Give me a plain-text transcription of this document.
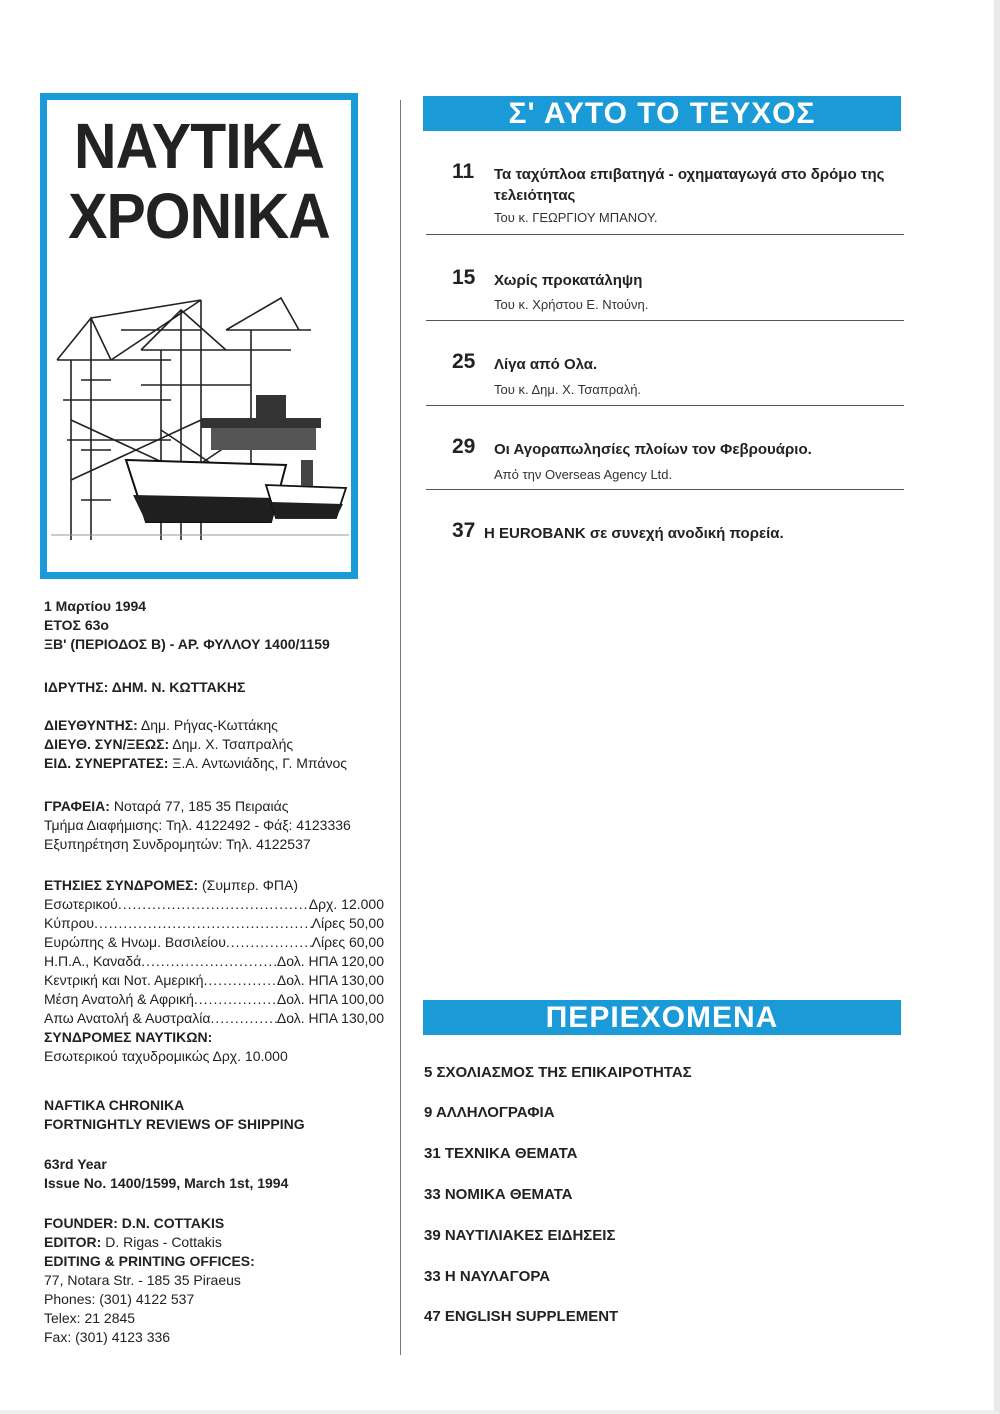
ΝΑΥΤΙΚΑ
ΧΡΟΝΙΚΑ
1 Μαρτίου 1994
ΕΤΟΣ 63ο
ΞΒ' (ΠΕΡΙΟΔΟΣ Β) - ΑΡ. ΦΥΛΛΟΥ 1400/1159
ΙΔΡΥΤΗΣ: ΔΗΜ. Ν. ΚΩΤΤΑΚΗΣ
ΔΙΕΥΘΥΝΤΗΣ: Δημ. Ρήγας-Κωττάκης
ΔΙΕΥΘ. ΣΥΝ/ΞΕΩΣ: Δημ. Χ. Τσαπραλής
ΕΙΔ. ΣΥΝΕΡΓΑΤΕΣ: Ξ.Α. Αντωνιάδης, Γ. Μπάνος
ΓΡΑΦΕΙΑ: Νοταρά 77, 185 35 Πειραιάς
Τμήμα Διαφήμισης: Τηλ. 4122492 - Φάξ: 4123336
Εξυπηρέτηση Συνδρομητών: Τηλ. 4122537
ΕΤΗΣΙΕΣ ΣΥΝΔΡΟΜΕΣ: (Συμπερ. ΦΠΑ)
Εσωτερικού .....	Δρχ. 12.000
Κύπρου .....	Λίρες 50,00
Ευρώπης & Ηνωμ. Βασιλείου .....	Λίρες 60,00
Η.Π.Α., Καναδά .....	Δολ. ΗΠΑ 120,00
Κεντρική και Νοτ. Αμερική .....	Δολ. ΗΠΑ 130,00
Μέση Ανατολή & Αφρική .....	Δολ. ΗΠΑ 100,00
Απω Ανατολή & Αυστραλία .....	Δολ. ΗΠΑ 130,00
ΣΥΝΔΡΟΜΕΣ ΝΑΥΤΙΚΩΝ:
Εσωτερικού ταχυδρομικώς Δρχ. 10.000
NAFTIKA CHRONIKA
FORTNIGHTLY REVIEWS OF SHIPPING
63rd Year
Issue No. 1400/1599, March 1st, 1994
FOUNDER: D.N. COTTAKIS
EDITOR: D. Rigas - Cottakis
EDITING & PRINTING OFFICES:
77, Notara Str. - 185 35 Piraeus
Phones: (301) 4122 537
Telex: 21 2845
Fax: (301) 4123 336
Σ' ΑΥΤΟ ΤΟ ΤΕΥΧΟΣ
11 Τα ταχύπλοα επιβατηγά - οχηματαγωγά στο δρόμο της τελειότητας
Του κ. ΓΕΩΡΓΙΟΥ ΜΠΑΝΟΥ.
15 Χωρίς προκατάληψη
Του κ. Χρήστου Ε. Ντούνη.
25 Λίγα από Ολα.
Του κ. Δημ. Χ. Τσαπραλή.
29 Οι Αγοραπωλησίες πλοίων τον Φεβρουάριο.
Από την Overseas Agency Ltd.
37 Η EUROBANK σε συνεχή ανοδική πορεία.
ΠΕΡΙΕΧΟΜΕΝΑ
5 ΣΧΟΛΙΑΣΜΟΣ ΤΗΣ ΕΠΙΚΑΙΡΟΤΗΤΑΣ
9 ΑΛΛΗΛΟΓΡΑΦΙΑ
31 ΤΕΧΝΙΚΑ ΘΕΜΑΤΑ
33 ΝΟΜΙΚΑ ΘΕΜΑΤΑ
39 ΝΑΥΤΙΛΙΑΚΕΣ ΕΙΔΗΣΕΙΣ
33 Η ΝΑΥΛΑΓΟΡΑ
47 ENGLISH SUPPLEMENT
